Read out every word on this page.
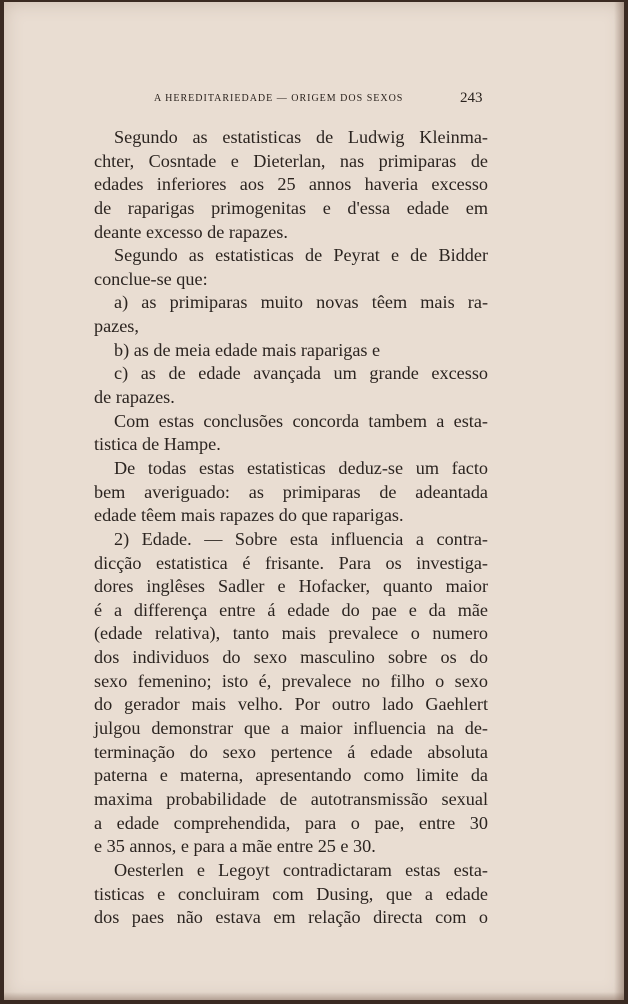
A HEREDITARIEDADE — ORIGEM DOS SEXOS	243
Segundo as estatisticas de Ludwig Kleinma-
chter, Cosntade e Dieterlan, nas primiparas de
edades inferiores aos 25 annos haveria excesso
de raparigas primogenitas e d'essa edade em
deante excesso de rapazes.
Segundo as estatisticas de Peyrat e de Bidder
conclue-se que:
a) as primiparas muito novas têem mais ra-
pazes,
b) as de meia edade mais raparigas e
c) as de edade avançada um grande excesso
de rapazes.
Com estas conclusões concorda tambem a esta-
tistica de Hampe.
De todas estas estatisticas deduz-se um facto
bem averiguado: as primiparas de adeantada
edade têem mais rapazes do que raparigas.
2) Edade. — Sobre esta influencia a contra-
dicção estatistica é frisante. Para os investiga-
dores inglêses Sadler e Hofacker, quanto maior
é a differença entre á edade do pae e da mãe
(edade relativa), tanto mais prevalece o numero
dos individuos do sexo masculino sobre os do
sexo femenino; isto é, prevalece no filho o sexo
do gerador mais velho. Por outro lado Gaehlert
julgou demonstrar que a maior influencia na de-
terminação do sexo pertence á edade absoluta
paterna e materna, apresentando como limite da
maxima probabilidade de autotransmissão sexual
a edade comprehendida, para o pae, entre 30
e 35 annos, e para a mãe entre 25 e 30.
Oesterlen e Legoyt contradictaram estas esta-
tisticas e concluiram com Dusing, que a edade
dos paes não estava em relação directa com o
